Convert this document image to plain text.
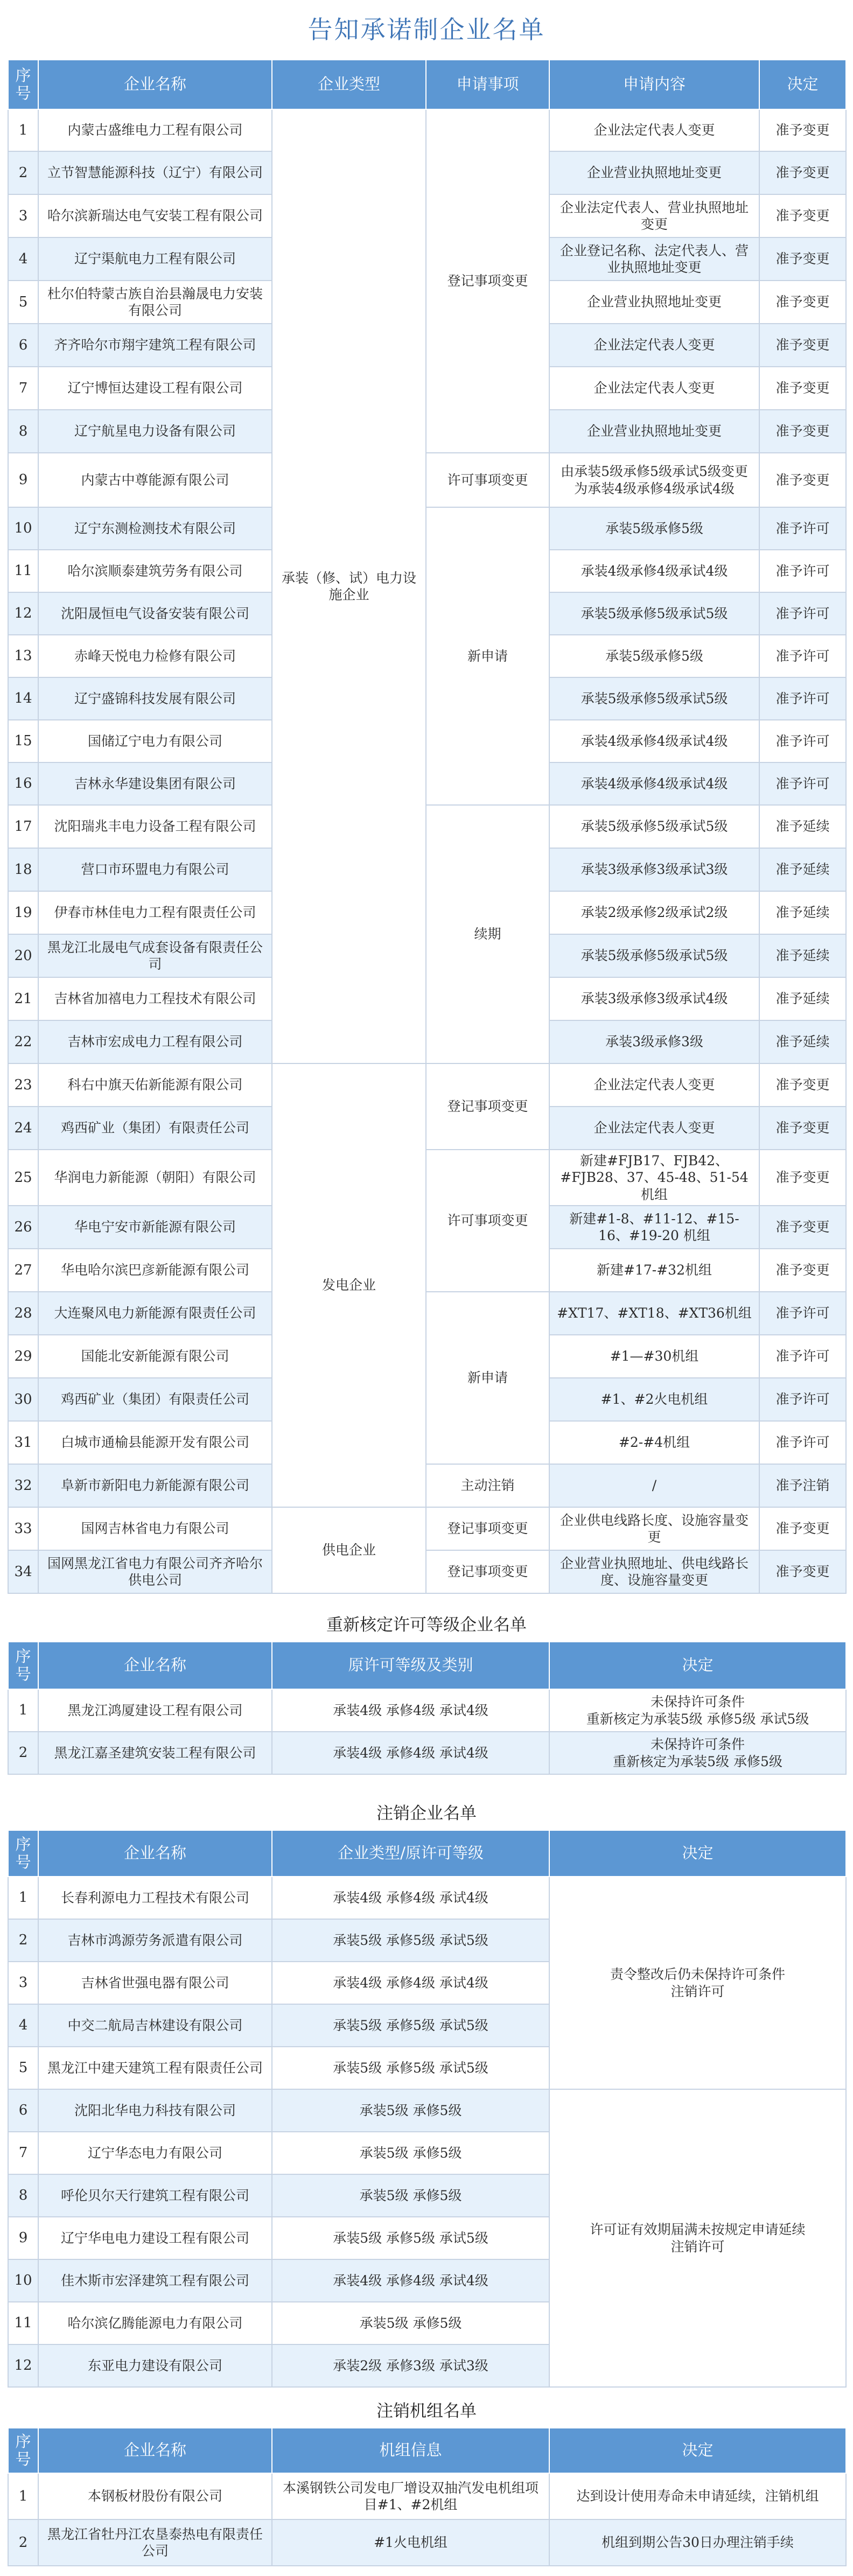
告知承诺制企业名单
序号	企业名称	企业类型	申请事项	申请内容	决定
1	内蒙古盛维电力工程有限公司	承装（修、试）电力设施企业	登记事项变更	企业法定代表人变更	准予变更
2	立节智慧能源科技（辽宁）有限公司			企业营业执照地址变更	准予变更
3	哈尔滨新瑞达电气安装工程有限公司			企业法定代表人、营业执照地址变更	准予变更
4	辽宁渠航电力工程有限公司			企业登记名称、法定代表人、营业执照地址变更	准予变更
5	杜尔伯特蒙古族自治县瀚晟电力安装有限公司			企业营业执照地址变更	准予变更
6	齐齐哈尔市翔宇建筑工程有限公司			企业法定代表人变更	准予变更
7	辽宁博恒达建设工程有限公司			企业法定代表人变更	准予变更
8	辽宁航星电力设备有限公司			企业营业执照地址变更	准予变更
9	内蒙古中尊能源有限公司		许可事项变更	由承装5级承修5级承试5级变更为承装4级承修4级承试4级	准予变更
10	辽宁东测检测技术有限公司		新申请	承装5级承修5级	准予许可
11	哈尔滨顺泰建筑劳务有限公司			承装4级承修4级承试4级	准予许可
12	沈阳晟恒电气设备安装有限公司			承装5级承修5级承试5级	准予许可
13	赤峰天悦电力检修有限公司			承装5级承修5级	准予许可
14	辽宁盛锦科技发展有限公司			承装5级承修5级承试5级	准予许可
15	国储辽宁电力有限公司			承装4级承修4级承试4级	准予许可
16	吉林永华建设集团有限公司			承装4级承修4级承试4级	准予许可
17	沈阳瑞兆丰电力设备工程有限公司		续期	承装5级承修5级承试5级	准予延续
18	营口市环盟电力有限公司			承装3级承修3级承试3级	准予延续
19	伊春市林佳电力工程有限责任公司			承装2级承修2级承试2级	准予延续
20	黑龙江北晟电气成套设备有限责任公司			承装5级承修5级承试5级	准予延续
21	吉林省加禧电力工程技术有限公司			承装3级承修3级承试4级	准予延续
22	吉林市宏成电力工程有限公司			承装3级承修3级	准予延续
23	科右中旗天佑新能源有限公司	发电企业	登记事项变更	企业法定代表人变更	准予变更
24	鸡西矿业（集团）有限责任公司			企业法定代表人变更	准予变更
25	华润电力新能源（朝阳）有限公司		许可事项变更	新建#FJB17、FJB42、#FJB28、37、45-48、51-54机组	准予变更
26	华电宁安市新能源有限公司			新建#1-8、#11-12、#15-16、#19-20 机组	准予变更
27	华电哈尔滨巴彦新能源有限公司			新建#17-#32机组	准予变更
28	大连聚风电力新能源有限责任公司		新申请	#XT17、#XT18、#XT36机组	准予许可
29	国能北安新能源有限公司			#1—#30机组	准予许可
30	鸡西矿业（集团）有限责任公司			#1、#2火电机组	准予许可
31	白城市通榆县能源开发有限公司			#2-#4机组	准予许可
32	阜新市新阳电力新能源有限公司		主动注销	/	准予注销
33	国网吉林省电力有限公司	供电企业	登记事项变更	企业供电线路长度、设施容量变更	准予变更
34	国网黑龙江省电力有限公司齐齐哈尔供电公司		登记事项变更	企业营业执照地址、供电线路长度、设施容量变更	准予变更
重新核定许可等级企业名单
序号	企业名称	原许可等级及类别	决定
1	黑龙江鸿厦建设工程有限公司	承装4级 承修4级 承试4级	未保持许可条件
重新核定为承装5级 承修5级 承试5级
2	黑龙江嘉圣建筑安装工程有限公司	承装4级 承修4级 承试4级	未保持许可条件
重新核定为承装5级 承修5级
注销企业名单
序号	企业名称	企业类型/原许可等级	决定
1	长春利源电力工程技术有限公司	承装4级 承修4级 承试4级	责令整改后仍未保持许可条件
注销许可
2	吉林市鸿源劳务派遣有限公司	承装5级 承修5级 承试5级	
3	吉林省世强电器有限公司	承装4级 承修4级 承试4级	
4	中交二航局吉林建设有限公司	承装5级 承修5级 承试5级	
5	黑龙江中建天建筑工程有限责任公司	承装5级 承修5级 承试5级	
6	沈阳北华电力科技有限公司	承装5级 承修5级	许可证有效期届满未按规定申请延续
注销许可
7	辽宁华态电力有限公司	承装5级 承修5级	
8	呼伦贝尔天行建筑工程有限公司	承装5级 承修5级	
9	辽宁华电电力建设工程有限公司	承装5级 承修5级 承试5级	
10	佳木斯市宏泽建筑工程有限公司	承装4级 承修4级 承试4级	
11	哈尔滨亿腾能源电力有限公司	承装5级 承修5级	
12	东亚电力建设有限公司	承装2级 承修3级 承试3级	
注销机组名单
序号	企业名称	机组信息	决定
1	本钢板材股份有限公司	本溪钢铁公司发电厂增设双抽汽发电机组项目#1、#2机组	达到设计使用寿命未申请延续，注销机组
2	黑龙江省牡丹江农垦泰热电有限责任公司	#1火电机组	机组到期公告30日办理注销手续
